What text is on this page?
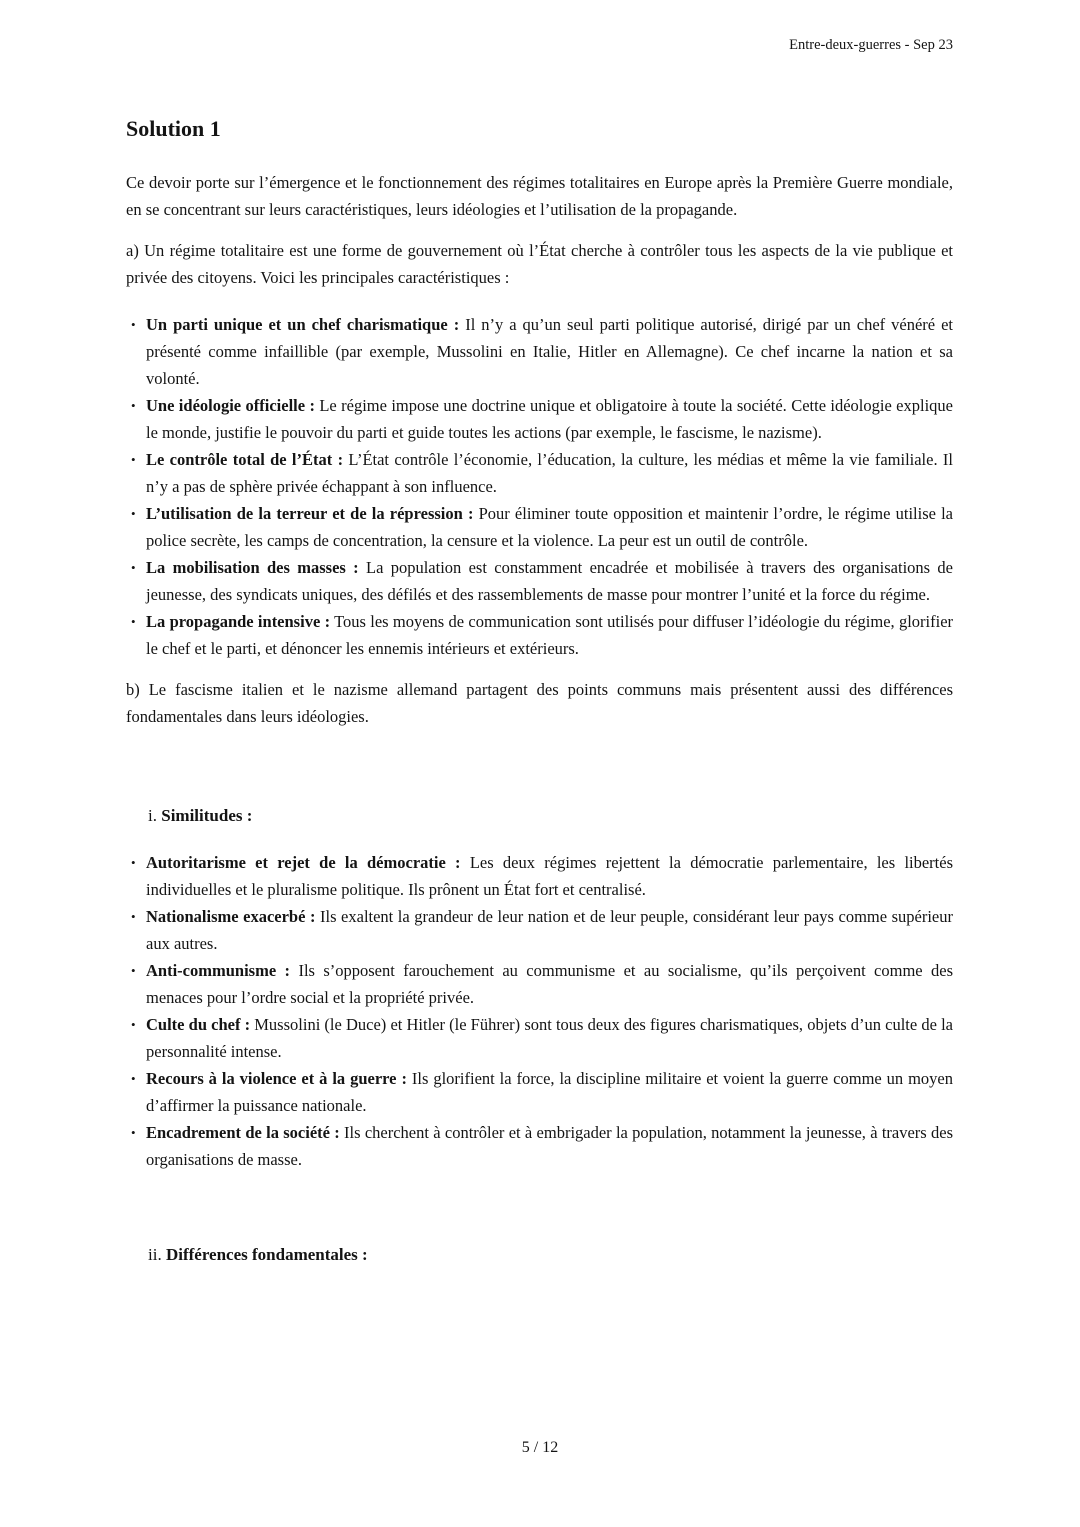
Entre-deux-guerres - Sep 23
Solution 1

Ce devoir porte sur l’émergence et le fonctionnement des régimes totalitaires en Europe après la Première Guerre mondiale, en se concentrant sur leurs caractéristiques, leurs idéologies et l’utilisation de la propagande.

a) Un régime totalitaire est une forme de gouvernement où l’État cherche à contrôler tous les aspects de la vie publique et privée des citoyens. Voici les principales caractéristiques :

• Un parti unique et un chef charismatique : Il n’y a qu’un seul parti politique autorisé, dirigé par un chef vénéré et présenté comme infaillible (par exemple, Mussolini en Italie, Hitler en Allemagne). Ce chef incarne la nation et sa volonté.
• Une idéologie officielle : Le régime impose une doctrine unique et obligatoire à toute la société. Cette idéologie explique le monde, justifie le pouvoir du parti et guide toutes les actions (par exemple, le fascisme, le nazisme).
• Le contrôle total de l’État : L’État contrôle l’économie, l’éducation, la culture, les médias et même la vie familiale. Il n’y a pas de sphère privée échappant à son influence.
• L’utilisation de la terreur et de la répression : Pour éliminer toute opposition et maintenir l’ordre, le régime utilise la police secrète, les camps de concentration, la censure et la violence. La peur est un outil de contrôle.
• La mobilisation des masses : La population est constamment encadrée et mobilisée à travers des organisations de jeunesse, des syndicats uniques, des défilés et des rassemblements de masse pour montrer l’unité et la force du régime.
• La propagande intensive : Tous les moyens de communication sont utilisés pour diffuser l’idéologie du régime, glorifier le chef et le parti, et dénoncer les ennemis intérieurs et extérieurs.

b) Le fascisme italien et le nazisme allemand partagent des points communs mais présentent aussi des différences fondamentales dans leurs idéologies.

i. Similitudes :
• Autoritarisme et rejet de la démocratie : Les deux régimes rejettent la démocratie parlementaire, les libertés individuelles et le pluralisme politique. Ils prônent un État fort et centralisé.
• Nationalisme exacerbé : Ils exaltent la grandeur de leur nation et de leur peuple, considérant leur pays comme supérieur aux autres.
• Anti-communisme : Ils s’opposent farouchement au communisme et au socialisme, qu’ils perçoivent comme des menaces pour l’ordre social et la propriété privée.
• Culte du chef : Mussolini (le Duce) et Hitler (le Führer) sont tous deux des figures charismatiques, objets d’un culte de la personnalité intense.
• Recours à la violence et à la guerre : Ils glorifient la force, la discipline militaire et voient la guerre comme un moyen d’affirmer la puissance nationale.
• Encadrement de la société : Ils cherchent à contrôler et à embrigader la population, notamment la jeunesse, à travers des organisations de masse.
ii. Différences fondamentales :
5 / 12
